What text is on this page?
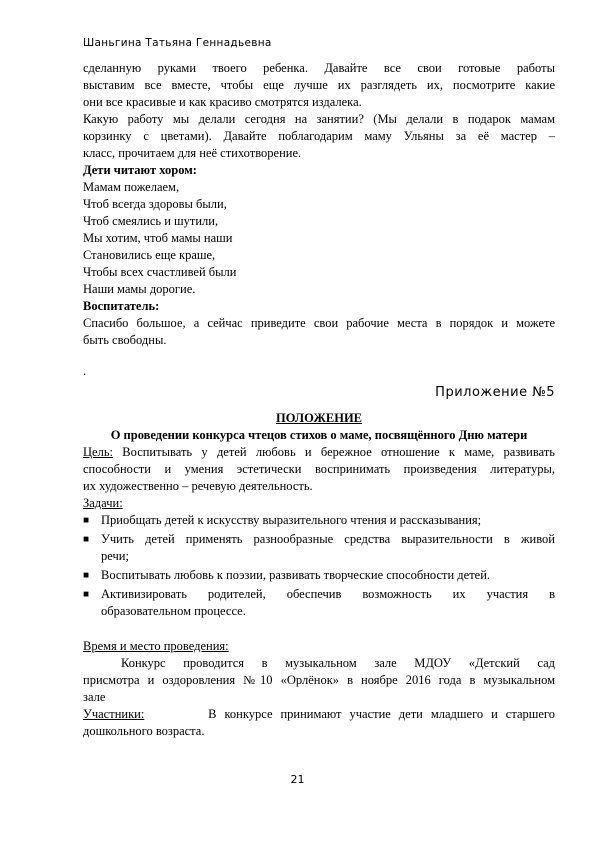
Шаньгина Татьяна Геннадьевна

сделанную руками твоего ребенка. Давайте все свои готовые работы

выставим все вместе, чтобы еще лучше их разглядеть их, посмотрите какие

они все красивые и как красиво смотрятся издалека.

Какую работу мы делали сегодня на занятии? (Мы делали в подарок мамам

корзинку с цветами). Давайте поблагодарим маму Ульяны за её мастер –

класс, прочитаем для неё стихотворение.

Дети читают хором:

Мамам пожелаем,

Чтоб всегда здоровы были,

Чтоб смеялись и шутили,

Мы хотим, чтоб мамы наши

Становились еще краше,

Чтобы всех счастливей были

Наши мамы дорогие.

Воспитатель:

Спасибо большое, а сейчас приведите свои рабочие места в порядок и можете

быть свободны.

.

Приложение №5

ПОЛОЖЕНИЕ

О проведении конкурса чтецов стихов о маме, посвящённого Дню матери

Цель: Воспитывать у детей любовь и бережное отношение к маме, развивать

способности и умения эстетически воспринимать произведения литературы,

их художественно – речевую деятельность.

Задачи:

■ Приобщать детей к искусству выразительного чтения и рассказывания;
■ Учить детей применять разнообразные средства выразительности в живой
речи;
■ Воспитывать любовь к поэзии, развивать творческие способности детей.
■ Активизировать родителей, обеспечив возможность их участия в
образовательном процессе.

Время и место проведения:

Конкурс проводится в музыкальном зале МДОУ «Детский сад

присмотра и оздоровления №10 «Орлёнок» в ноябре 2016 года в музыкальном

зале

Участники:        В конкурсе принимают участие дети младшего и старшего

дошкольного возраста.

21
